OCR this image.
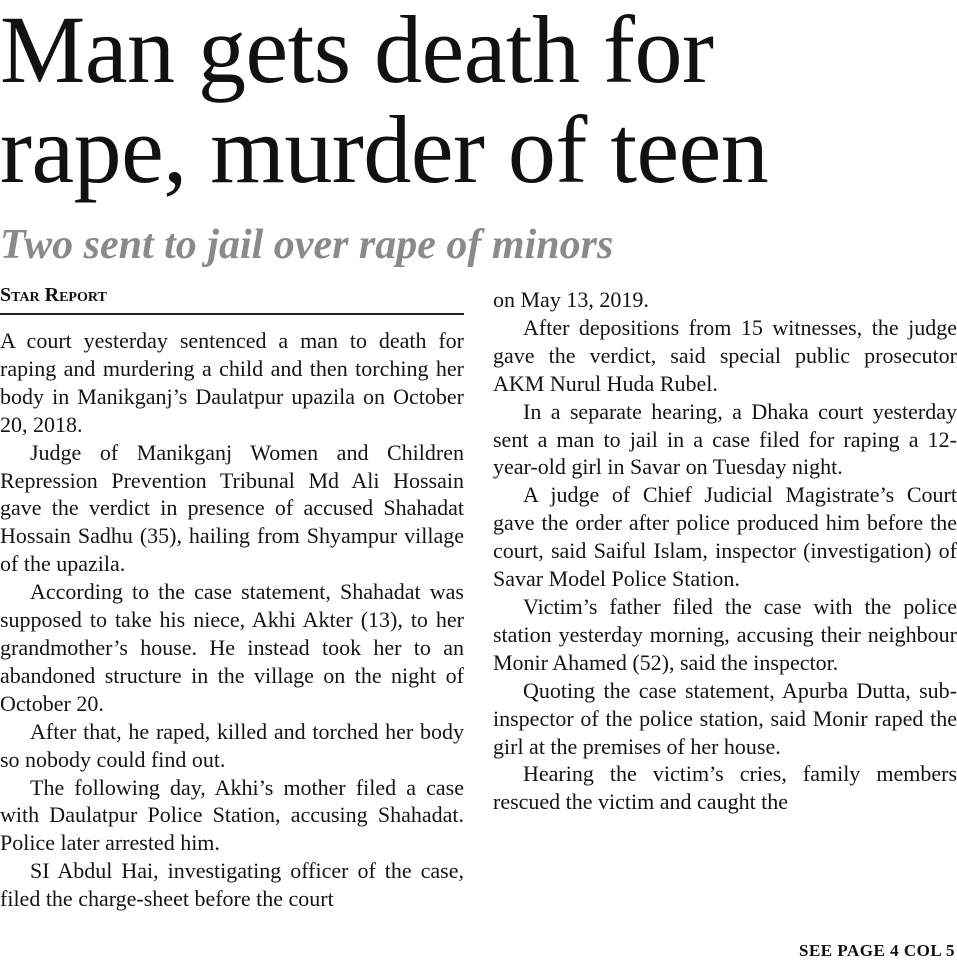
Man gets death for
rape, murder of teen
Two sent to jail over rape of minors
Star Report

A court yesterday sentenced a man to death for raping and murdering a child and then torching her body in Manikganj’s Daulatpur upazila on October 20, 2018.

Judge of Manikganj Women and Children Repression Prevention Tribunal Md Ali Hossain gave the verdict in presence of accused Shahadat Hossain Sadhu (35), hailing from Shyampur village of the upazila.

According to the case statement, Shahadat was supposed to take his niece, Akhi Akter (13), to her grandmother’s house. He instead took her to an abandoned structure in the village on the night of October 20.

After that, he raped, killed and torched her body so nobody could find out.

The following day, Akhi’s mother filed a case with Daulatpur Police Station, accusing Shahadat. Police later arrested him.

SI Abdul Hai, investigating officer of the case, filed the charge-sheet before the court

on May 13, 2019.

After depositions from 15 witnesses, the judge gave the verdict, said special public prosecutor AKM Nurul Huda Rubel.

In a separate hearing, a Dhaka court yesterday sent a man to jail in a case filed for raping a 12-year-old girl in Savar on Tuesday night.

A judge of Chief Judicial Magistrate’s Court gave the order after police produced him before the court, said Saiful Islam, inspector (investigation) of Savar Model Police Station.

Victim’s father filed the case with the police station yesterday morning, accusing their neighbour Monir Ahamed (52), said the inspector.

Quoting the case statement, Apurba Dutta, sub-inspector of the police station, said Monir raped the girl at the premises of her house.

Hearing the victim’s cries, family members rescued the victim and caught the

SEE PAGE 4 COL 5
